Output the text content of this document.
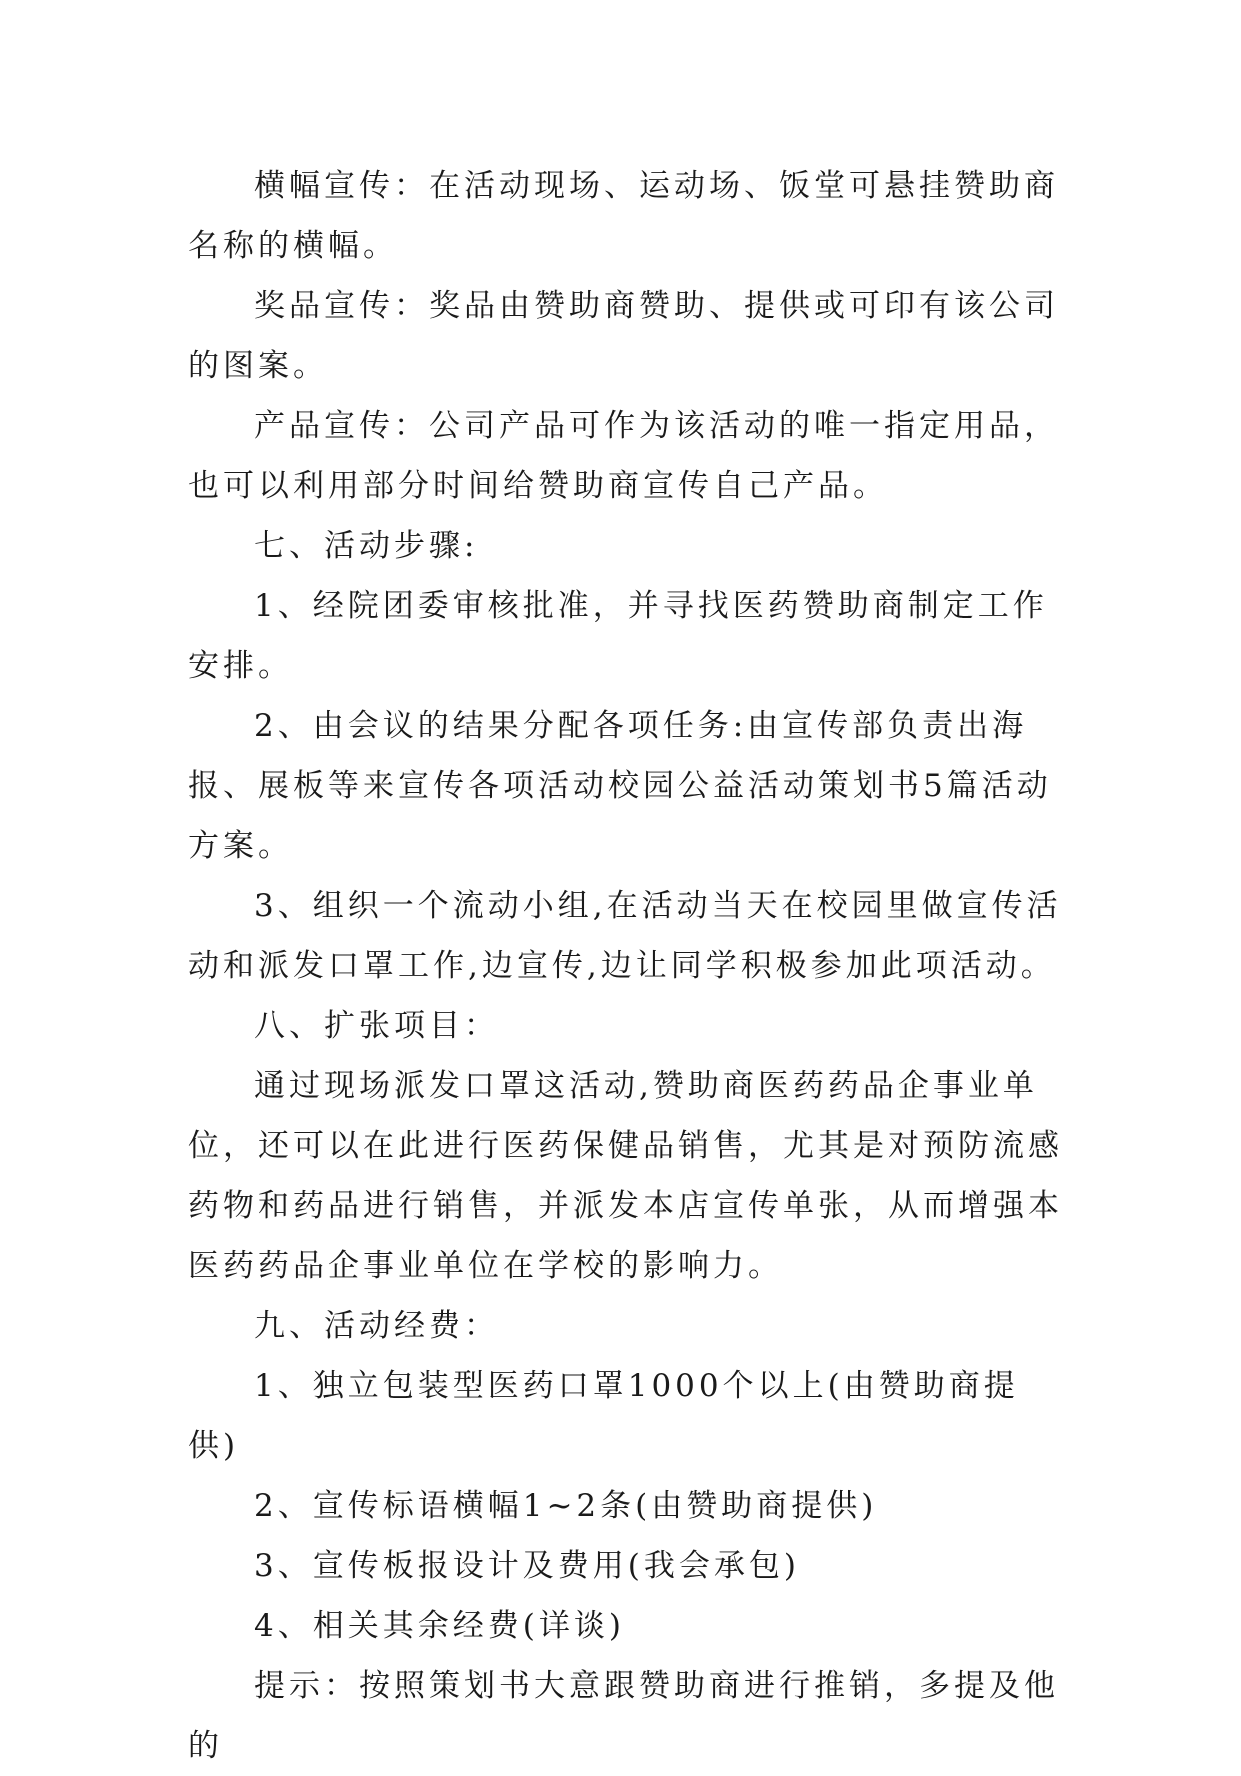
横幅宣传：在活动现场、运动场、饭堂可悬挂赞助商名称的横幅。

奖品宣传：奖品由赞助商赞助、提供或可印有该公司的图案。

产品宣传：公司产品可作为该活动的唯一指定用品，也可以利用部分时间给赞助商宣传自己产品。

七、活动步骤:

1、经院团委审核批准，并寻找医药赞助商制定工作安排。

2、由会议的结果分配各项任务:由宣传部负责出海报、展板等来宣传各项活动校园公益活动策划书5篇活动方案。

3、组织一个流动小组,在活动当天在校园里做宣传活动和派发口罩工作,边宣传,边让同学积极参加此项活动。

八、扩张项目：

通过现场派发口罩这活动,赞助商医药药品企事业单位，还可以在此进行医药保健品销售，尤其是对预防流感药物和药品进行销售，并派发本店宣传单张，从而增强本医药药品企事业单位在学校的影响力。

九、活动经费：

1、独立包装型医药口罩1000个以上(由赞助商提供)

2、宣传标语横幅1~2条(由赞助商提供)

3、宣传板报设计及费用(我会承包)

4、相关其余经费(详谈)

提示：按照策划书大意跟赞助商进行推销，多提及他的
